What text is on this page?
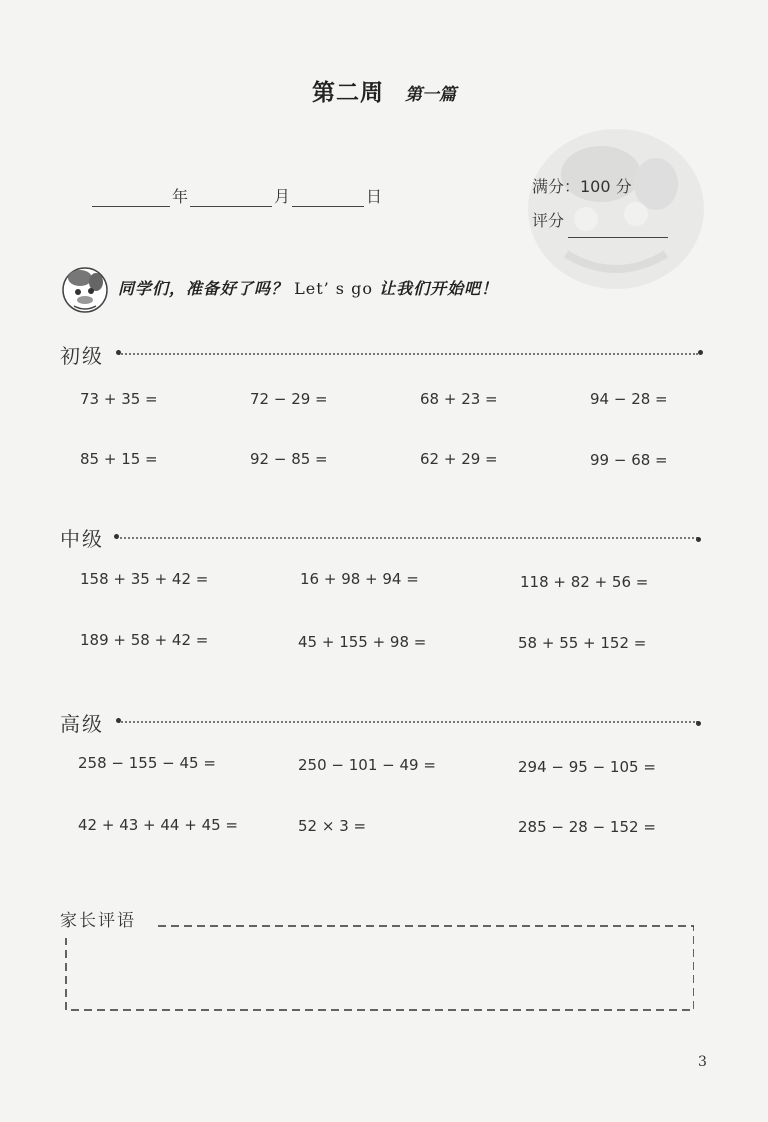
第二周 第一篇
年	月	日
满分：100 分
评分
同学们，准备好了吗？ Let’ s go 让我们开始吧！
初级
73 + 35 =	72 − 29 =	68 + 23 =	94 − 28 =
85 + 15 =	92 − 85 =	62 + 29 =	99 − 68 =
中级
158 + 35 + 42 =	16 + 98 + 94 =	118 + 82 + 56 =
189 + 58 + 42 =	45 + 155 + 98 =	58 + 55 + 152 =
高级
258 − 155 − 45 =	250 − 101 − 49 =	294 − 95 − 105 =
42 + 43 + 44 + 45 =	52 × 3 =	285 − 28 − 152 =
家长评语
3
